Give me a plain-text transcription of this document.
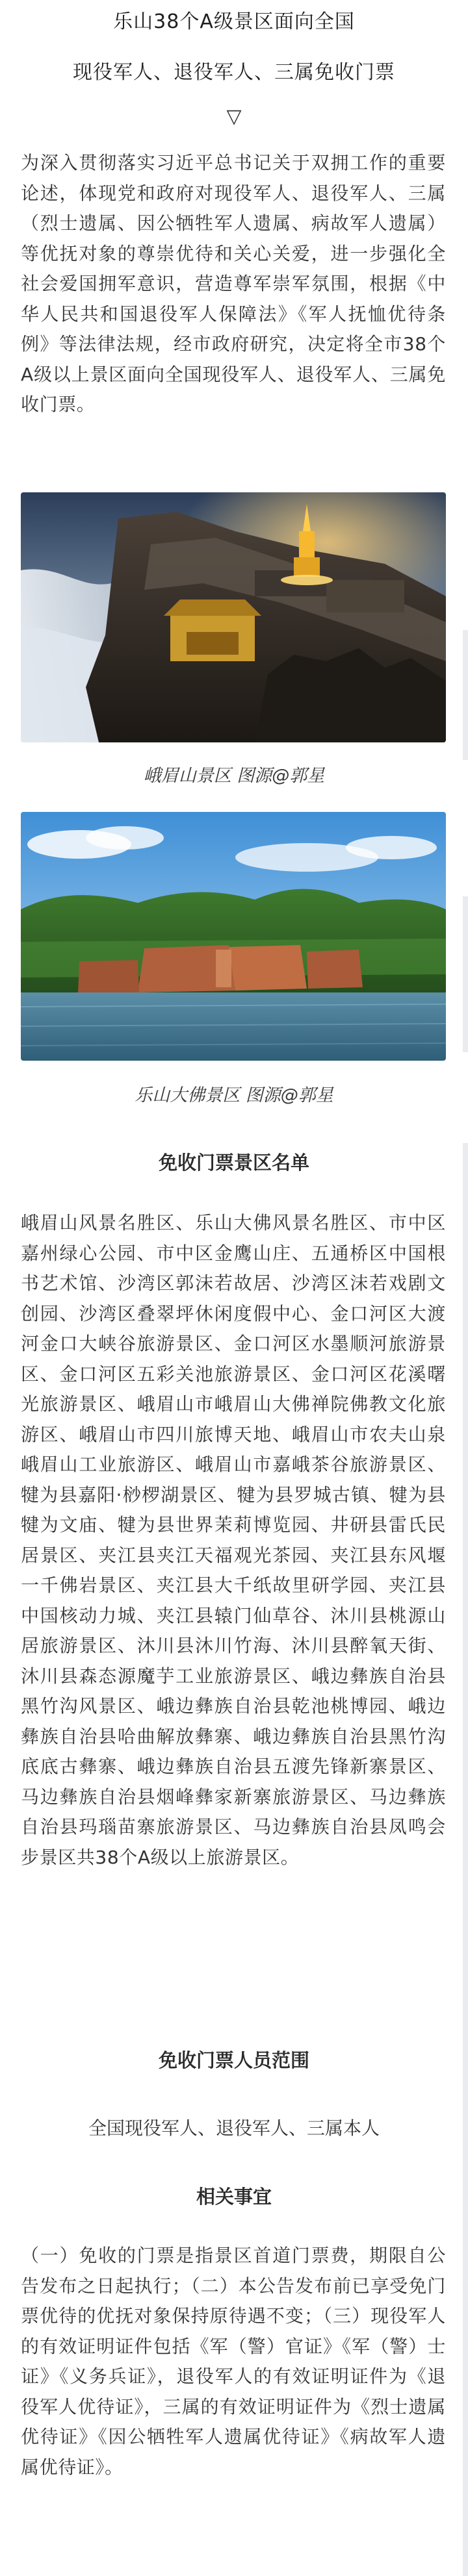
乐山38个A级景区面向全国
现役军人、退役军人、三属免收门票
▽

为深入贯彻落实习近平总书记关于双拥工作的重要论述，体现党和政府对现役军人、退役军人、三属（烈士遗属、因公牺牲军人遗属、病故军人遗属）等优抚对象的尊崇优待和关心关爱，进一步强化全社会爱国拥军意识，营造尊军崇军氛围，根据《中华人民共和国退役军人保障法》《军人抚恤优待条例》等法律法规，经市政府研究，决定将全市38个A级以上景区面向全国现役军人、退役军人、三属免收门票。

峨眉山景区 图源@郭星
乐山大佛景区 图源@郭星
免收门票景区名单

峨眉山风景名胜区、乐山大佛风景名胜区、市中区嘉州绿心公园、市中区金鹰山庄、五通桥区中国根书艺术馆、沙湾区郭沫若故居、沙湾区沫若戏剧文创园、沙湾区叠翠坪休闲度假中心、金口河区大渡河金口大峡谷旅游景区、金口河区水墨顺河旅游景区、金口河区五彩关池旅游景区、金口河区花溪曙光旅游景区、峨眉山市峨眉山大佛禅院佛教文化旅游区、峨眉山市四川旅博天地、峨眉山市农夫山泉峨眉山工业旅游区、峨眉山市嘉峨茶谷旅游景区、犍为县嘉阳·桫椤湖景区、犍为县罗城古镇、犍为县犍为文庙、犍为县世界茉莉博览园、井研县雷氏民居景区、夹江县夹江天福观光茶园、夹江县东风堰一千佛岩景区、夹江县大千纸故里研学园、夹江县中国核动力城、夹江县辕门仙草谷、沐川县桃源山居旅游景区、沐川县沐川竹海、沐川县醉氧天街、沐川县森态源魔芋工业旅游景区、峨边彝族自治县黑竹沟风景区、峨边彝族自治县乾池桃博园、峨边彝族自治县哈曲解放彝寨、峨边彝族自治县黑竹沟底底古彝寨、峨边彝族自治县五渡先锋新寨景区、马边彝族自治县烟峰彝家新寨旅游景区、马边彝族自治县玛瑙苗寨旅游景区、马边彝族自治县凤鸣会步景区共38个A级以上旅游景区。

免收门票人员范围
全国现役军人、退役军人、三属本人
相关事宜

（一）免收的门票是指景区首道门票费，期限自公告发布之日起执行；（二）本公告发布前已享受免门票优待的优抚对象保持原待遇不变；（三）现役军人的有效证明证件包括《军（警）官证》《军（警）士证》《义务兵证》，退役军人的有效证明证件为《退役军人优待证》，三属的有效证明证件为《烈士遗属优待证》《因公牺牲军人遗属优待证》《病故军人遗属优待证》。
